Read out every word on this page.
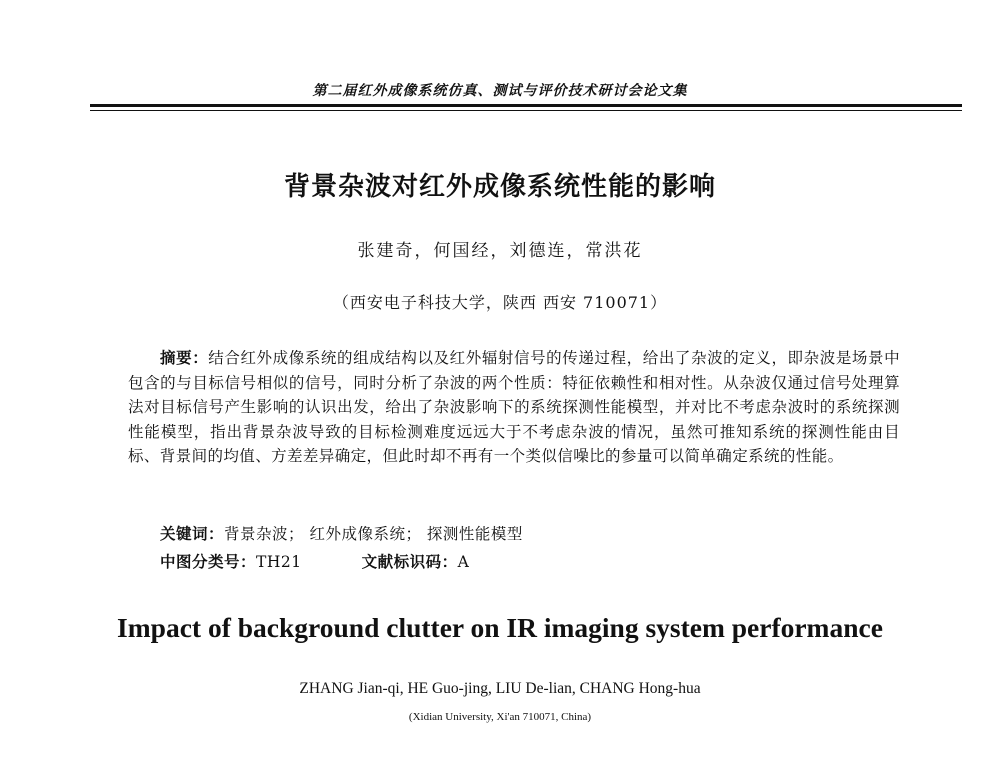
第二届红外成像系统仿真、测试与评价技术研讨会论文集
背景杂波对红外成像系统性能的影响
张建奇，何国经，刘德连，常洪花
（西安电子科技大学，陕西 西安 710071）

摘要：结合红外成像系统的组成结构以及红外辐射信号的传递过程，给出了杂波的定义，即杂波是场景中包含的与目标信号相似的信号，同时分析了杂波的两个性质：特征依赖性和相对性。从杂波仅通过信号处理算法对目标信号产生影响的认识出发，给出了杂波影响下的系统探测性能模型，并对比不考虑杂波时的系统探测性能模型，指出背景杂波导致的目标检测难度远远大于不考虑杂波的情况，虽然可推知系统的探测性能由目标、背景间的均值、方差差异确定，但此时却不再有一个类似信噪比的参量可以简单确定系统的性能。

关键词：背景杂波； 红外成像系统； 探测性能模型
中图分类号：TH21	文献标识码：A
Impact of background clutter on IR imaging system performance
ZHANG Jian-qi, HE Guo-jing, LIU De-lian, CHANG Hong-hua
(Xidian University, Xi'an 710071, China)
